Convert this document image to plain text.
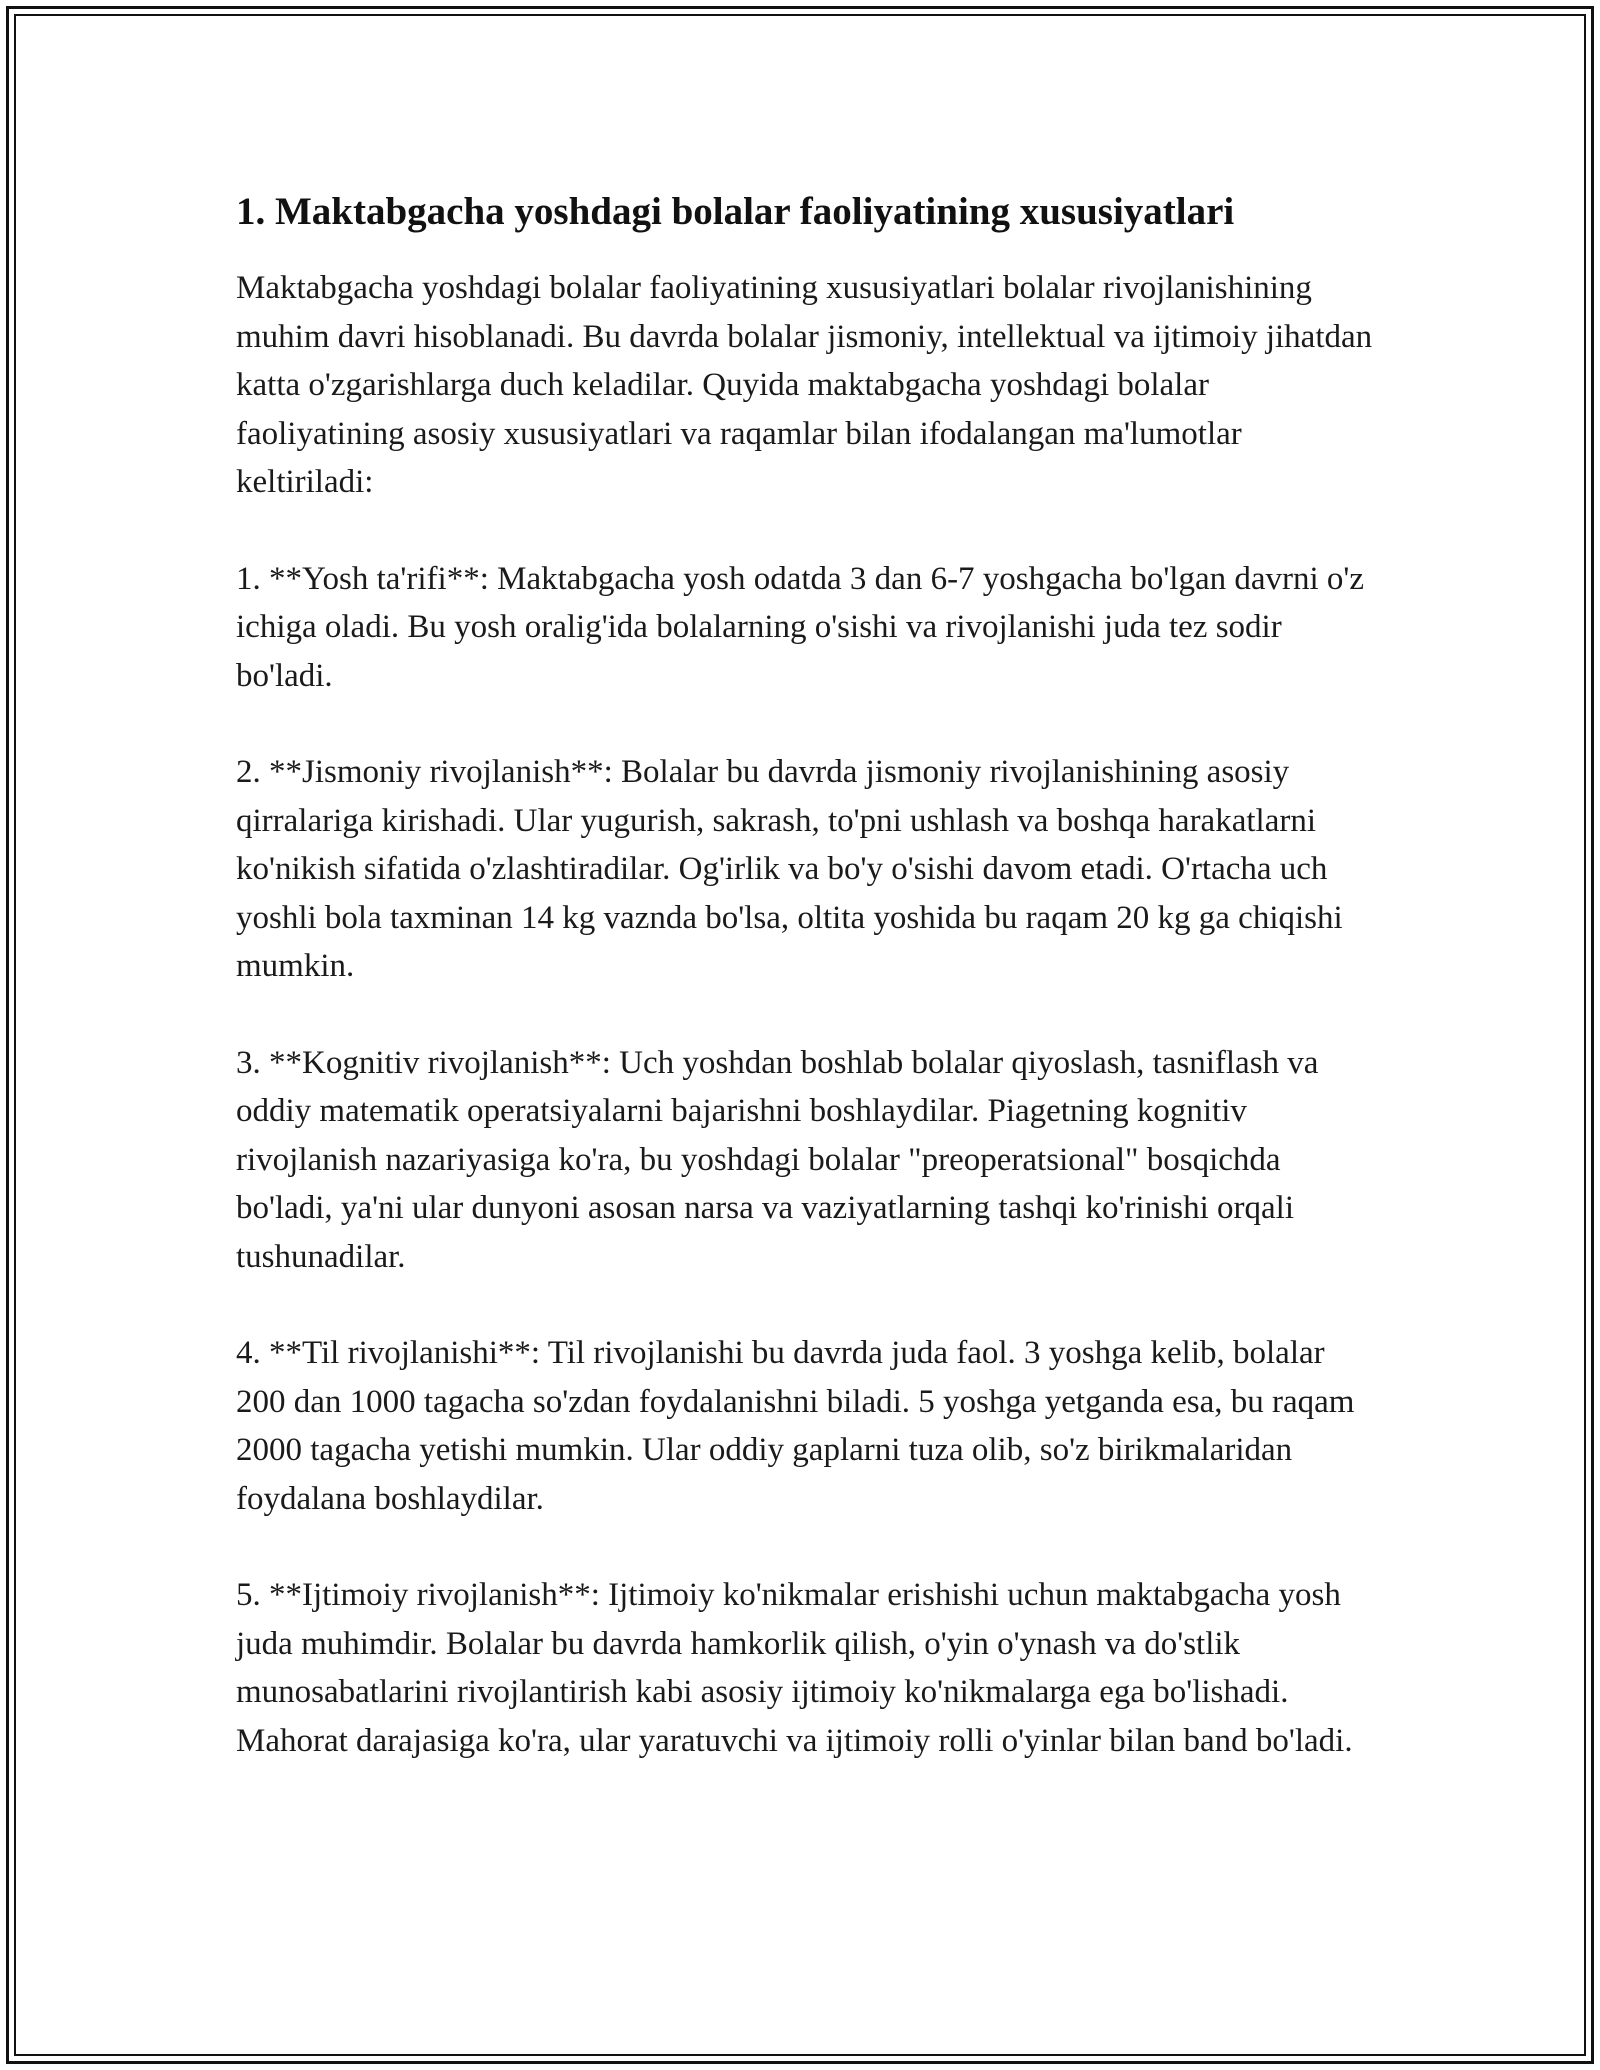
1. Maktabgacha yoshdagi bolalar faoliyatining xususiyatlari

Maktabgacha yoshdagi bolalar faoliyatining xususiyatlari bolalar rivojlanishining muhim davri hisoblanadi. Bu davrda bolalar jismoniy, intellektual va ijtimoiy jihatdan katta o'zgarishlarga duch keladilar. Quyida maktabgacha yoshdagi bolalar faoliyatining asosiy xususiyatlari va raqamlar bilan ifodalangan ma'lumotlar keltiriladi:

1. **Yosh ta'rifi**: Maktabgacha yosh odatda 3 dan 6-7 yoshgacha bo'lgan davrni o'z ichiga oladi. Bu yosh oralig'ida bolalarning o'sishi va rivojlanishi juda tez sodir bo'ladi.

2. **Jismoniy rivojlanish**: Bolalar bu davrda jismoniy rivojlanishining asosiy qirralariga kirishadi. Ular yugurish, sakrash, to'pni ushlash va boshqa harakatlarni ko'nikish sifatida o'zlashtiradilar. Og'irlik va bo'y o'sishi davom etadi. O'rtacha uch yoshli bola taxminan 14 kg vaznda bo'lsa, oltita yoshida bu raqam 20 kg ga chiqishi mumkin.

3. **Kognitiv rivojlanish**: Uch yoshdan boshlab bolalar qiyoslash, tasniflash va oddiy matematik operatsiyalarni bajarishni boshlaydilar. Piagetning kognitiv rivojlanish nazariyasiga ko'ra, bu yoshdagi bolalar "preoperatsional" bosqichda bo'ladi, ya'ni ular dunyoni asosan narsa va vaziyatlarning tashqi ko'rinishi orqali tushunadilar.

4. **Til rivojlanishi**: Til rivojlanishi bu davrda juda faol. 3 yoshga kelib, bolalar 200 dan 1000 tagacha so'zdan foydalanishni biladi. 5 yoshga yetganda esa, bu raqam 2000 tagacha yetishi mumkin. Ular oddiy gaplarni tuza olib, so'z birikmalaridan foydalana boshlaydilar.

5. **Ijtimoiy rivojlanish**: Ijtimoiy ko'nikmalar erishishi uchun maktabgacha yosh juda muhimdir. Bolalar bu davrda hamkorlik qilish, o'yin o'ynash va do'stlik munosabatlarini rivojlantirish kabi asosiy ijtimoiy ko'nikmalarga ega bo'lishadi. Mahorat darajasiga ko'ra, ular yaratuvchi va ijtimoiy rolli o'yinlar bilan band bo'ladi.
